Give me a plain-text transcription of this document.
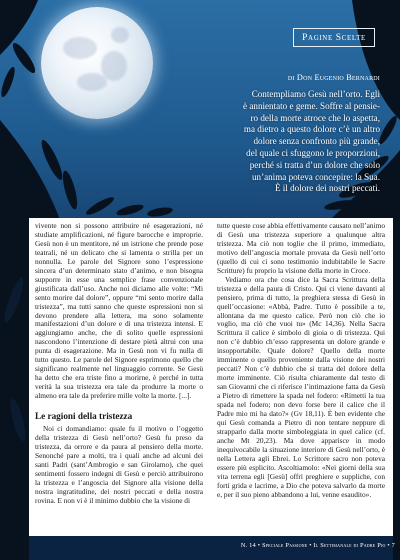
Pagine Scelte
di Don Eugenio Bernardi
Contempliamo Gesù nell’orto. Egli
è annientato e geme. Soffre al pensie-
ro della morte atroce che lo aspetta,
ma dietro a questo dolore c’è un altro
dolore senza confronto più grande,
del quale ci sfuggono le proporzioni,
perché si tratta d’un dolore che solo
un’anima poteva concepire: la Sua.
È il dolore dei nostri peccati.

vivente non si possono attribuire né esagerazioni, né studiate amplificazioni, né figure barocche e improprie. Gesù non è un mentitore, né un istrione che prende pose teatrali, né un delicato che si lamenta o strilla per un nonnulla. Le parole del Signore sono l’espressione sincera d’un determinato stato d’animo, e non bisogna supporre in esse una semplice frase convenzionale giustificata dall’uso. Anche noi diciamo alle volte: “Mi sento morire dal dolore”, oppure “mi sento morire dalla tristezza”, ma tutti sanno che queste espressioni non si devono prendere alla lettera, ma sono solamente manifestazioni d’un dolore e di una tristezza intensi. E aggiungiamo anche, che di solito quelle espressioni nascondono l’intenzione di destare pietà altrui con una punta di esagerazione. Ma in Gesù non vi fu nulla di tutto questo. Le parole del Signore esprimono quello che significano realmente nel linguaggio corrente. Se Gesù ha detto che era triste fino a morirne, è perché in tutta verità la sua tristezza era tale da produrre la morte o almeno era tale da preferire mille volte la morte. [...].

Le ragioni della tristezza

Noi ci domandiamo: quale fu il motivo o l’oggetto della tristezza di Gesù nell’orto? Gesù fu preso da tristezza, da orrore e da paura al pensiero della morte. Senonché pare a molti, tra i quali anche ad alcuni dei santi Padri (sant’Ambrogio e san Girolamo), che quei sentimenti fossero indegni di Gesù e perciò attribuirono la tristezza e l’angoscia del Signore alla visione della nostra ingratitudine, dei nostri peccati e della nostra rovina. E non vi è il minimo dubbio che la visione di

tutte queste cose abbia effettivamente causato nell’animo di Gesù una tristezza superiore a qualunque altra tristezza. Ma ciò non toglie che il primo, immediato, motivo dell’angoscia mortale provata da Gesù nell’orto (quello di cui ci sono testimonio indubitabile le Sacre Scritture) fu proprio la visione della morte in Croce.

Vediamo ora che cosa dice la Sacra Scrittura della tristezza e della paura di Cristo. Qui ci viene davanti al pensiero, prima di tutto, la preghiera stessa di Gesù in quell’occasione: «Abbà, Padre. Tutto è possibile a te, allontana da me questo calice. Però non ciò che io voglio, ma ciò che vuoi tu» (Mc 14,36). Nella Sacra Scrittura il calice è simbolo di gioia o di tristezza. Qui non c’è dubbio ch’esso rappresenta un dolore grande e insopportabile. Quale dolore? Quello della morte imminente o quello proveniente dalla visione dei nostri peccati? Non c’è dubbio che si tratta del dolore della morte imminente. Ciò risulta chiaramente dal testo di san Giovanni che ci riferisce l’intimazione fatta da Gesù a Pietro di rimettere la spada nel fodero: «Rimetti la tua spada nel fodero; non devo forse bere il calice che il Padre mio mi ha dato?» (Gv 18,11). È ben evidente che qui Gesù comanda a Pietro di non tentare neppure di strapparlo dalla morte simboleggiata in quel calice (cf. anche Mt 20,23). Ma dove apparisce in modo inequivocabile la situazione interiore di Gesù nell’orto, è nella Lettera agli Ebrei. Lo Scrittore sacro non poteva essere più esplicito. Ascoltiamolo: «Nei giorni della sua vita terrena egli [Gesù] offrì preghiere e suppliche, con forti grida e lacrime, a Dio che poteva salvarlo da morte e, per il suo pieno abbandono a lui, venne esaudito».

N. 14 • Speciale Passione • Il Settimanale di Padre Pio • 7
